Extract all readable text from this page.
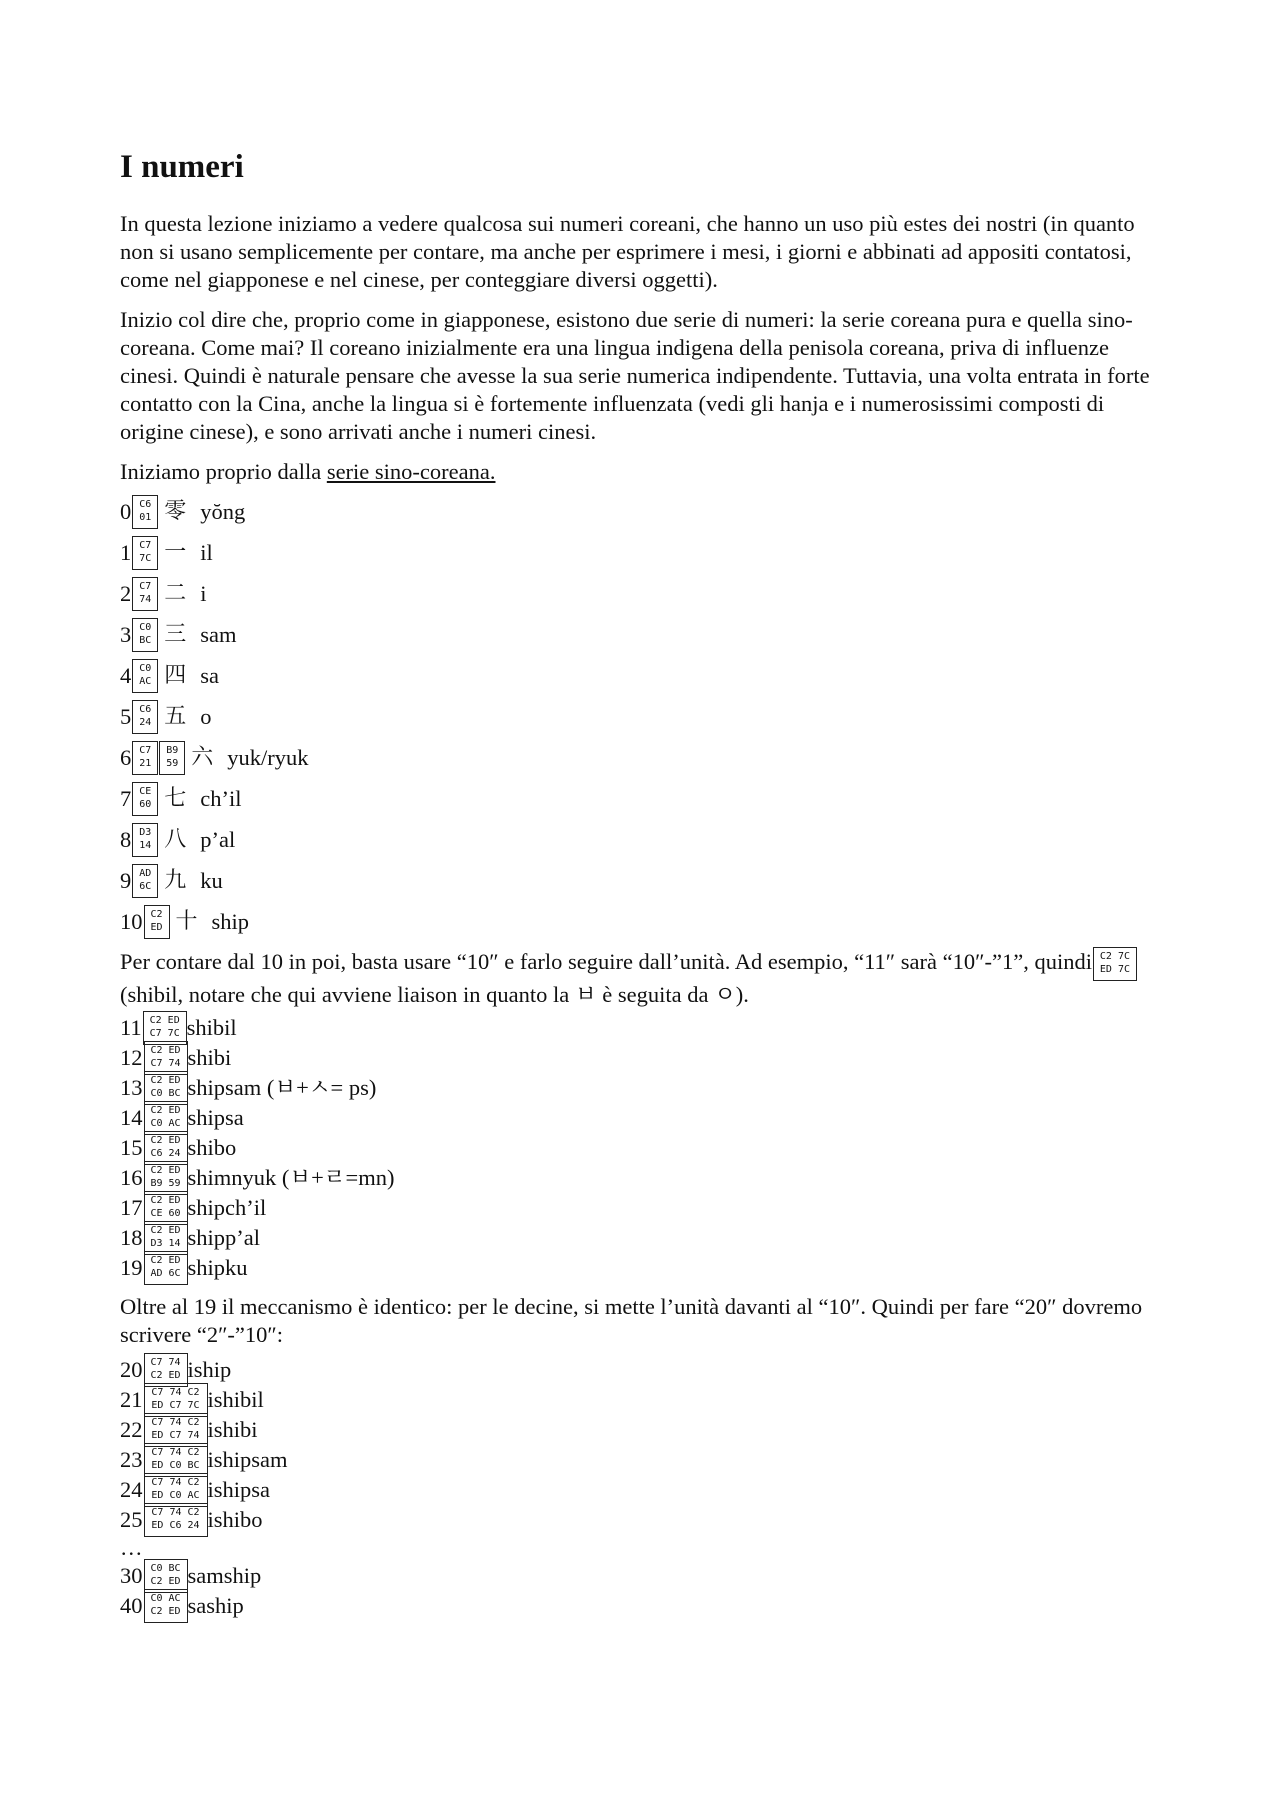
I numeri

In questa lezione iniziamo a vedere qualcosa sui numeri coreani, che hanno un uso più estes dei nostri (in quanto non si usano semplicemente per contare, ma anche per esprimere i mesi, i giorni e abbinati ad appositi contatosi, come nel giapponese e nel cinese, per conteggiare diversi oggetti).

Inizio col dire che, proprio come in giapponese, esistono due serie di numeri: la serie coreana pura e quella sino-coreana. Come mai? Il coreano inizialmente era una lingua indigena della penisola coreana, priva di influenze cinesi. Quindi è naturale pensare che avesse la sua serie numerica indipendente. Tuttavia, una volta entrata in forte contatto con la Cina, anche la lingua si è fortemente influenzata (vedi gli hanja e i numerosissimi composti di origine cinese), e sono arrivati anche i numeri cinesi.

Iniziamo proprio dalla serie sino-coreana.

0 C6 01 零 yŏng
1 C7 7C 一 il
2 C7 74 二 i
3 C0 BC 三 sam
4 C0 AC 四 sa
5 C6 24 五 o
6 C7 21
B9 59 六 yuk/ryuk
7 CE 60 七 ch’il
8 D3 14 八 p’al
9 AD 6C 九 ku
10 C2 ED 十 ship

Per contare dal 10 in poi, basta usare “10″ e farlo seguire dall’unità. Ad esempio, “11″ sarà “10″-”1”, quindi C2 7C ED 7C(shibil, notare che qui avviene liaison in quanto la ㅂ è seguita da ㅇ).

11 C2 ED C7 7C shibil
12 C2 ED C7 74 shibi
13 C2 ED C0 BC shipsam (ㅂ+ㅅ= ps)
14 C2 ED C0 AC shipsa
15 C2 ED C6 24 shibo
16 C2 ED B9 59 shimnyuk (ㅂ+ㄹ=mn)
17 C2 ED CE 60 shipch’il
18 C2 ED D3 14 shipp’al
19 C2 ED AD 6C shipku

Oltre al 19 il meccanismo è identico: per le decine, si mette l’unità davanti al “10″. Quindi per fare “20″ dovremo scrivere “2″-”10″:

20 C7 74 C2 ED iship
21 C7 74 C2 ED C7 7C ishibil
22 C7 74 C2 ED C7 74 ishibi
23 C7 74 C2 ED C0 BC ishipsam
24 C7 74 C2 ED C0 AC ishipsa
25 C7 74 C2 ED C6 24 ishibo
…
30 C0 BC C2 ED samship
40 C0 AC C2 ED saship
